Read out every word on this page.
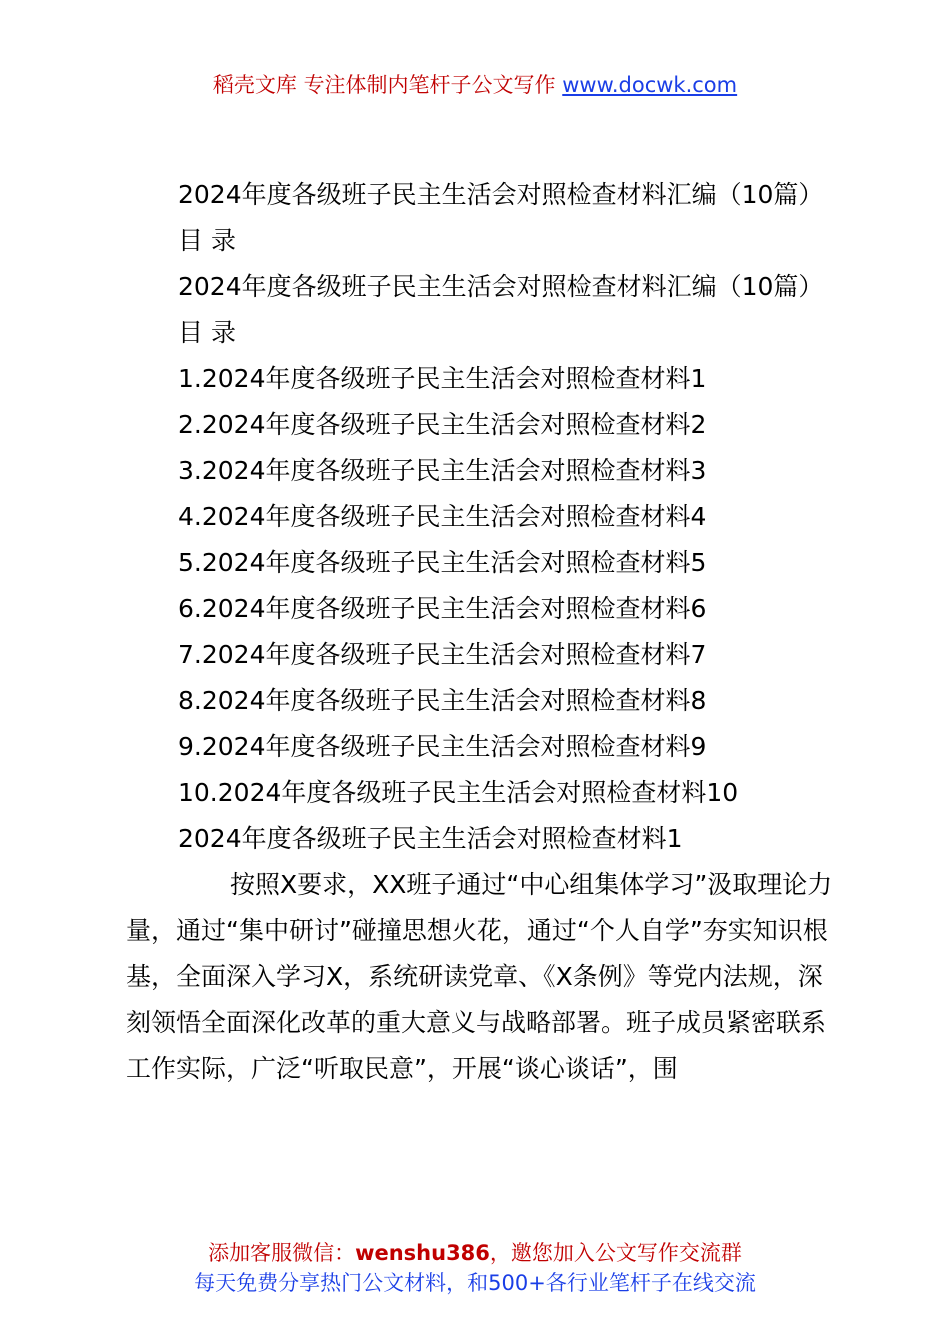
稻壳文库 专注体制内笔杆子公文写作 www.docwk.com

2024年度各级班子民主生活会对照检查材料汇编（10篇）

目 录

2024年度各级班子民主生活会对照检查材料汇编（10篇）

目 录

1.2024年度各级班子民主生活会对照检查材料1

2.2024年度各级班子民主生活会对照检查材料2

3.2024年度各级班子民主生活会对照检查材料3

4.2024年度各级班子民主生活会对照检查材料4

5.2024年度各级班子民主生活会对照检查材料5

6.2024年度各级班子民主生活会对照检查材料6

7.2024年度各级班子民主生活会对照检查材料7

8.2024年度各级班子民主生活会对照检查材料8

9.2024年度各级班子民主生活会对照检查材料9

10.2024年度各级班子民主生活会对照检查材料10

2024年度各级班子民主生活会对照检查材料1

按照X要求，XX班子通过“中心组集体学习”汲取理论力量，通过“集中研讨”碰撞思想火花，通过“个人自学”夯实知识根基，全面深入学习X，系统研读党章、《X条例》等党内法规，深刻领悟全面深化改革的重大意义与战略部署。班子成员紧密联系工作实际，广泛“听取民意”，开展“谈心谈话”，围

添加客服微信：wenshu386，邀您加入公文写作交流群
每天免费分享热门公文材料，和500+各行业笔杆子在线交流
